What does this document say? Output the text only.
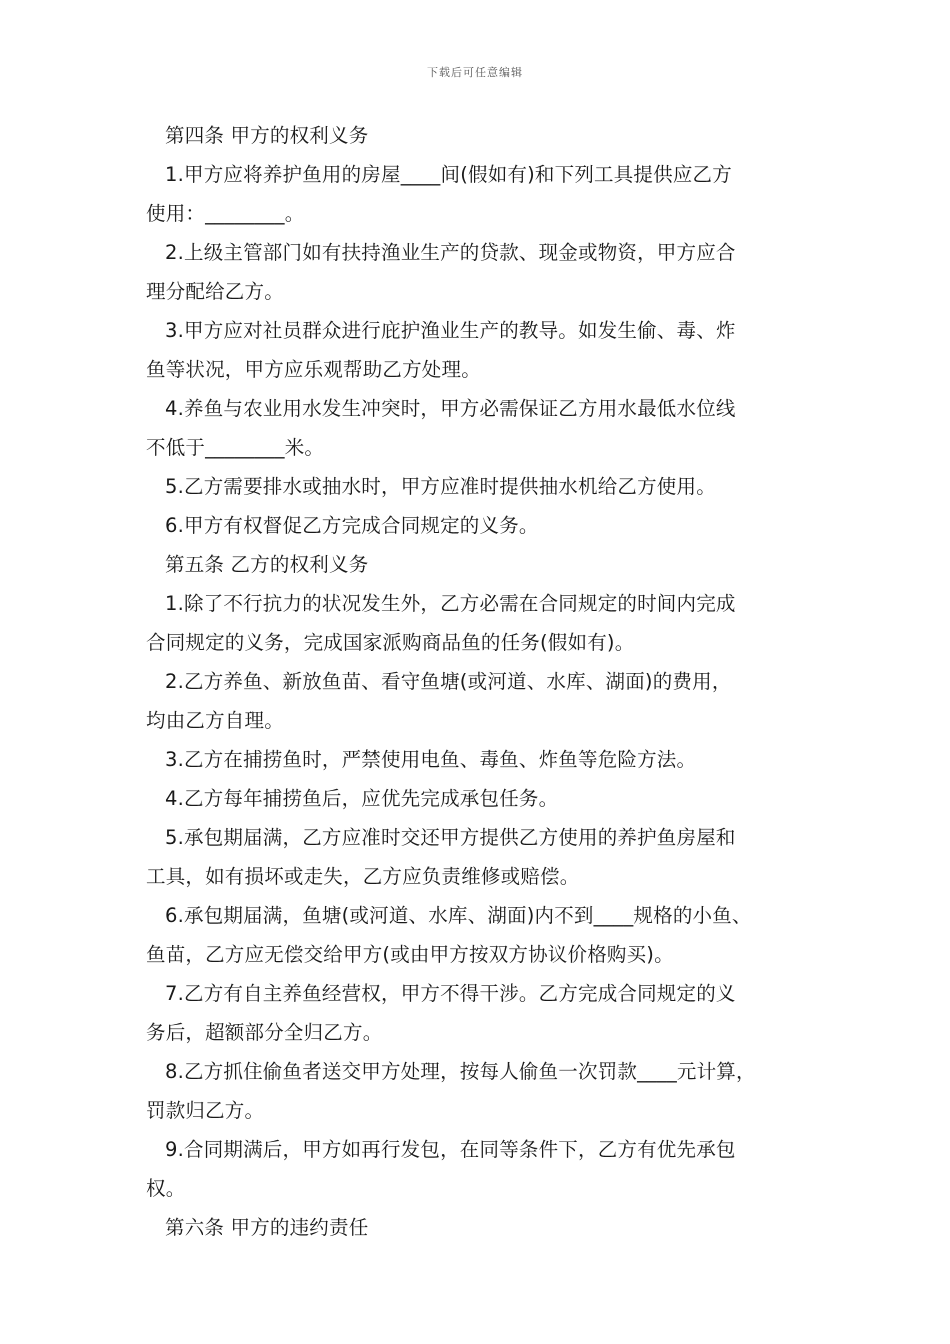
下载后可任意编辑
第四条 甲方的权利义务
1.甲方应将养护鱼用的房屋____间(假如有)和下列工具提供应乙方
使用：________。
2.上级主管部门如有扶持渔业生产的贷款、现金或物资，甲方应合
理分配给乙方。
3.甲方应对社员群众进行庇护渔业生产的教导。如发生偷、毒、炸
鱼等状况，甲方应乐观帮助乙方处理。
4.养鱼与农业用水发生冲突时，甲方必需保证乙方用水最低水位线
不低于________米。
5.乙方需要排水或抽水时，甲方应准时提供抽水机给乙方使用。
6.甲方有权督促乙方完成合同规定的义务。
第五条 乙方的权利义务
1.除了不行抗力的状况发生外，乙方必需在合同规定的时间内完成
合同规定的义务，完成国家派购商品鱼的任务(假如有)。
2.乙方养鱼、新放鱼苗、看守鱼塘(或河道、水库、湖面)的费用，
均由乙方自理。
3.乙方在捕捞鱼时，严禁使用电鱼、毒鱼、炸鱼等危险方法。
4.乙方每年捕捞鱼后，应优先完成承包任务。
5.承包期届满，乙方应准时交还甲方提供乙方使用的养护鱼房屋和
工具，如有损坏或走失，乙方应负责维修或赔偿。
6.承包期届满，鱼塘(或河道、水库、湖面)内不到____规格的小鱼、
鱼苗，乙方应无偿交给甲方(或由甲方按双方协议价格购买)。
7.乙方有自主养鱼经营权，甲方不得干涉。乙方完成合同规定的义
务后，超额部分全归乙方。
8.乙方抓住偷鱼者送交甲方处理，按每人偷鱼一次罚款____元计算，
罚款归乙方。
9.合同期满后，甲方如再行发包，在同等条件下，乙方有优先承包
权。
第六条 甲方的违约责任
